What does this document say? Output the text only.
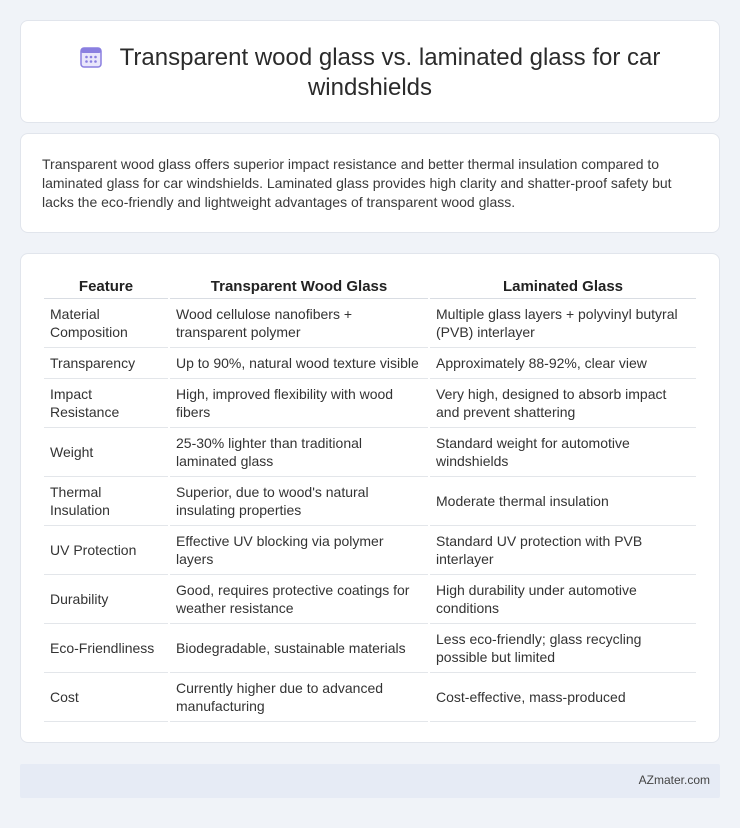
Transparent wood glass vs. laminated glass for car windshields

Transparent wood glass offers superior impact resistance and better thermal insulation compared to laminated glass for car windshields. Laminated glass provides high clarity and shatter-proof safety but lacks the eco-friendly and lightweight advantages of transparent wood glass.

Feature	Transparent Wood Glass	Laminated Glass
Material Composition	Wood cellulose nanofibers + transparent polymer	Multiple glass layers + polyvinyl butyral (PVB) interlayer
Transparency	Up to 90%, natural wood texture visible	Approximately 88-92%, clear view
Impact Resistance	High, improved flexibility with wood fibers	Very high, designed to absorb impact and prevent shattering
Weight	25-30% lighter than traditional laminated glass	Standard weight for automotive windshields
Thermal Insulation	Superior, due to wood's natural insulating properties	Moderate thermal insulation
UV Protection	Effective UV blocking via polymer layers	Standard UV protection with PVB interlayer
Durability	Good, requires protective coatings for weather resistance	High durability under automotive conditions
Eco-Friendliness	Biodegradable, sustainable materials	Less eco-friendly; glass recycling possible but limited
Cost	Currently higher due to advanced manufacturing	Cost-effective, mass-produced
AZmater.com
